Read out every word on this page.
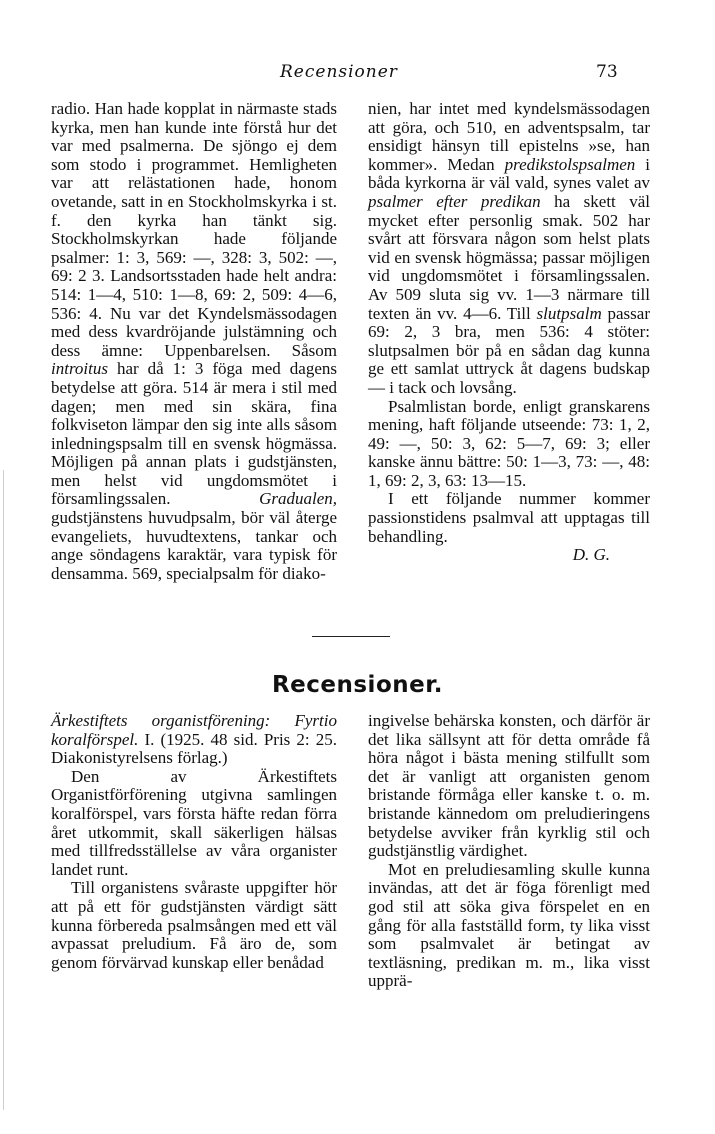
Recensioner	73

radio. Han hade kopplat in närmaste stads kyrka, men han kunde inte förstå hur det var med psalmerna. De sjöngo ej dem som stodo i programmet. Hemligheten var att relästationen hade, honom ovetande, satt in en Stockholmskyrka i st. f. den kyrka han tänkt sig. Stockholmskyrkan hade följande psalmer: 1: 3, 569: —, 328: 3, 502: —, 69: 2 3. Landsortsstaden hade helt andra: 514: 1—4, 510: 1—8, 69: 2, 509: 4—6, 536: 4. Nu var det Kyndelsmässodagen med dess kvardröjande julstämning och dess ämne: Uppenbarelsen. Såsom introitus har då 1: 3 föga med dagens betydelse att göra. 514 är mera i stil med dagen; men med sin skära, fina folkviseton lämpar den sig inte alls såsom inledningspsalm till en svensk högmässa. Möjligen på annan plats i gudstjänsten, men helst vid ungdomsmötet i församlingssalen. Gradualen, gudstjänstens huvudpsalm, bör väl återge evangeliets, huvudtextens, tankar och ange söndagens karaktär, vara typisk för densamma. 569, specialpsalm för diako-

nien, har intet med kyndelsmässodagen att göra, och 510, en adventspsalm, tar ensidigt hänsyn till epistelns »se, han kommer». Medan predikstolspsalmen i båda kyrkorna är väl vald, synes valet av psalmer efter predikan ha skett väl mycket efter personlig smak. 502 har svårt att försvara någon som helst plats vid en svensk högmässa; passar möjligen vid ungdomsmötet i församlingssalen. Av 509 sluta sig vv. 1—3 närmare till texten än vv. 4—6. Till slutpsalm passar 69: 2, 3 bra, men 536: 4 stöter: slutpsalmen bör på en sådan dag kunna ge ett samlat uttryck åt dagens budskap — i tack och lovsång.

Psalmlistan borde, enligt granskarens mening, haft följande utseende: 73: 1, 2, 49: —, 50: 3, 62: 5—7, 69: 3; eller kanske ännu bättre: 50: 1—3, 73: —, 48: 1, 69: 2, 3, 63: 13—15.

I ett följande nummer kommer passionstidens psalmval att upptagas till behandling.

D. G.

Recensioner.

Ärkestiftets organistförening: Fyrtio koralförspel. I. (1925. 48 sid. Pris 2: 25. Diakonistyrelsens förlag.)

Den av Ärkestiftets Organistförförening utgivna samlingen koralförspel, vars första häfte redan förra året utkommit, skall säkerligen hälsas med tillfredsställelse av våra organister landet runt.

Till organistens svåraste uppgifter hör att på ett för gudstjänsten värdigt sätt kunna förbereda psalmsången med ett väl avpassat preludium. Få äro de, som genom förvärvad kunskap eller benådad

ingivelse behärska konsten, och därför är det lika sällsynt att för detta område få höra något i bästa mening stilfullt som det är vanligt att organisten genom bristande förmåga eller kanske t. o. m. bristande kännedom om preludieringens betydelse avviker från kyrklig stil och gudstjänstlig värdighet.

Mot en preludiesamling skulle kunna invändas, att det är föga förenligt med god stil att söka giva förspelet en en gång för alla fastställd form, ty lika visst som psalmvalet är betingat av textläsning, predikan m. m., lika visst upprä-
